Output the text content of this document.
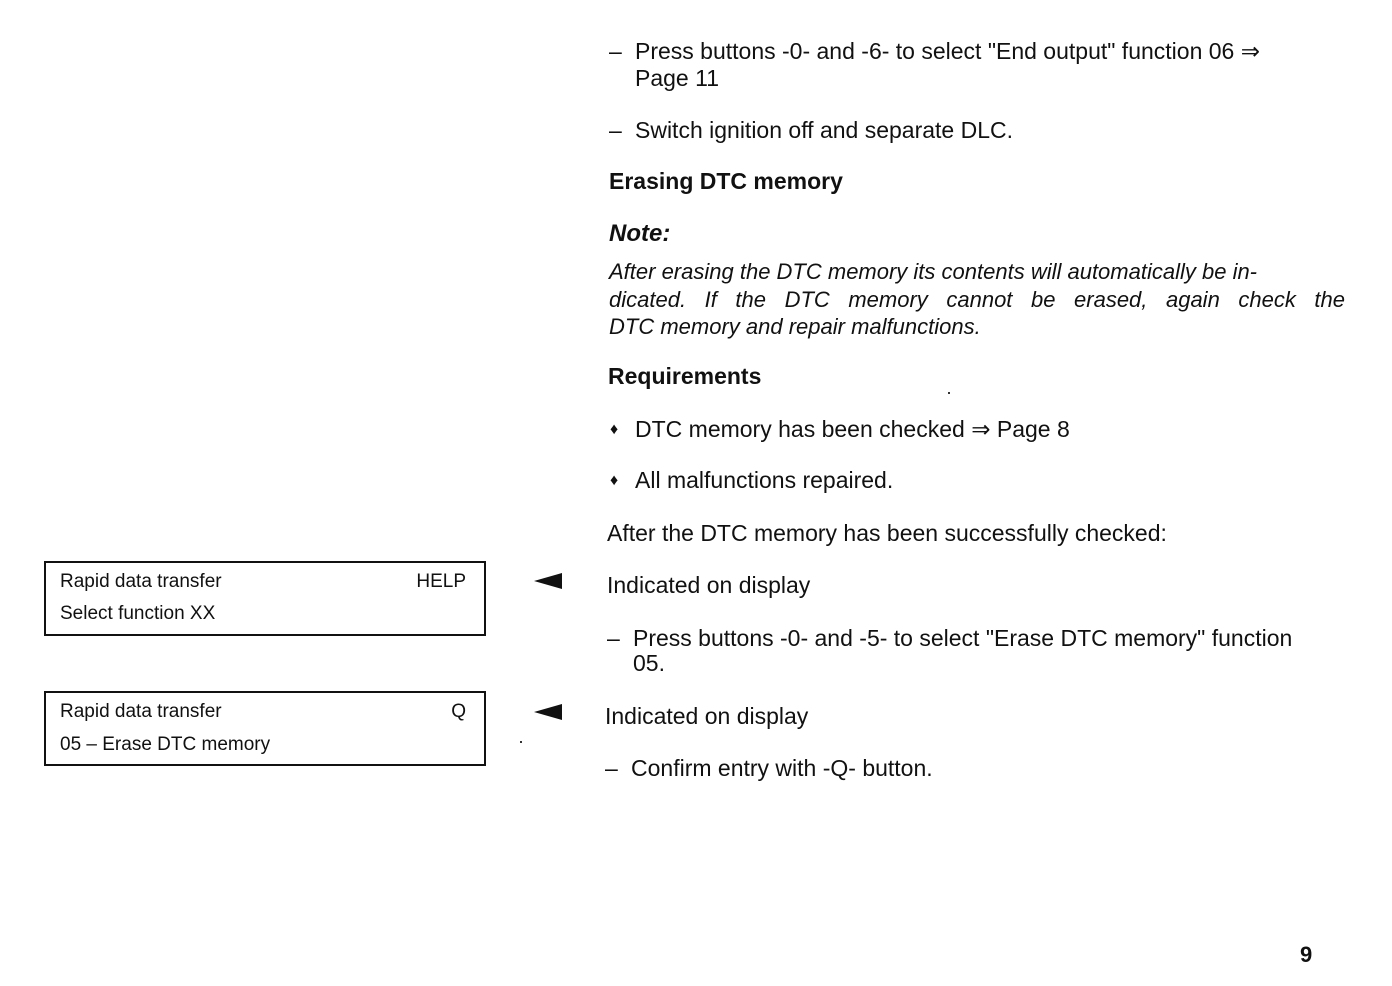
– Press buttons -0- and -6- to select "End output" function 06 ⇒
Page 11
– Switch ignition off and separate DLC.
Erasing DTC memory
Note:
After erasing the DTC memory its contents will automatically be in-
dicated. If the DTC memory cannot be erased, again check the
DTC memory and repair malfunctions.
Requirements
♦ DTC memory has been checked ⇒ Page 8
♦ All malfunctions repaired.
After the DTC memory has been successfully checked:
Indicated on display
– Press buttons -0- and -5- to select "Erase DTC memory" function
05.
Indicated on display
– Confirm entry with -Q- button.
Rapid data transfer	HELP
Select function XX
Rapid data transfer	Q
05 – Erase DTC memory
9
